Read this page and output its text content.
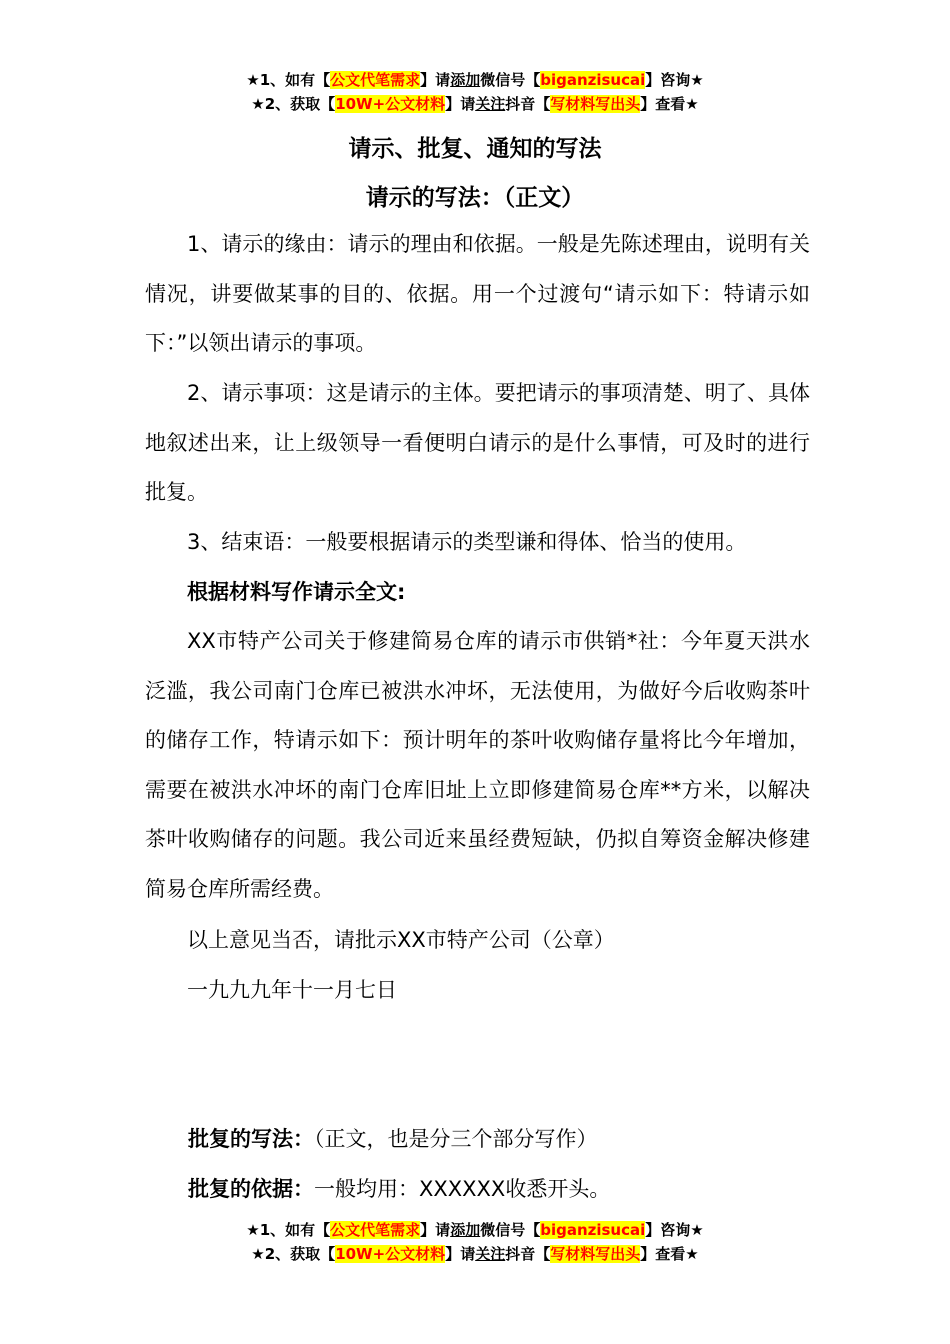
★1、如有【公文代笔需求】请添加微信号【biganzisucai】咨询★
★2、获取【10W+公文材料】请关注抖音【写材料写出头】查看★
请示、批复、通知的写法
请示的写法：（正文）

1、请示的缘由：请示的理由和依据。一般是先陈述理由，说明有关情况，讲要做某事的目的、依据。用一个过渡句“请示如下：特请示如下：”以领出请示的事项。

2、请示事项：这是请示的主体。要把请示的事项清楚、明了、具体地叙述出来，让上级领导一看便明白请示的是什么事情，可及时的进行批复。

3、结束语：一般要根据请示的类型谦和得体、恰当的使用。

根据材料写作请示全文:

XX市特产公司关于修建简易仓库的请示市供销*社：今年夏天洪水泛滥，我公司南门仓库已被洪水冲坏，无法使用，为做好今后收购茶叶的储存工作，特请示如下：预计明年的茶叶收购储存量将比今年增加，需要在被洪水冲坏的南门仓库旧址上立即修建简易仓库**方米，以解决茶叶收购储存的问题。我公司近来虽经费短缺，仍拟自筹资金解决修建简易仓库所需经费。

以上意见当否，请批示XX市特产公司（公章）

一九九九年十一月七日

批复的写法：（正文，也是分三个部分写作）

批复的依据：一般均用：XXXXXX收悉开头。

★1、如有【公文代笔需求】请添加微信号【biganzisucai】咨询★
★2、获取【10W+公文材料】请关注抖音【写材料写出头】查看★
